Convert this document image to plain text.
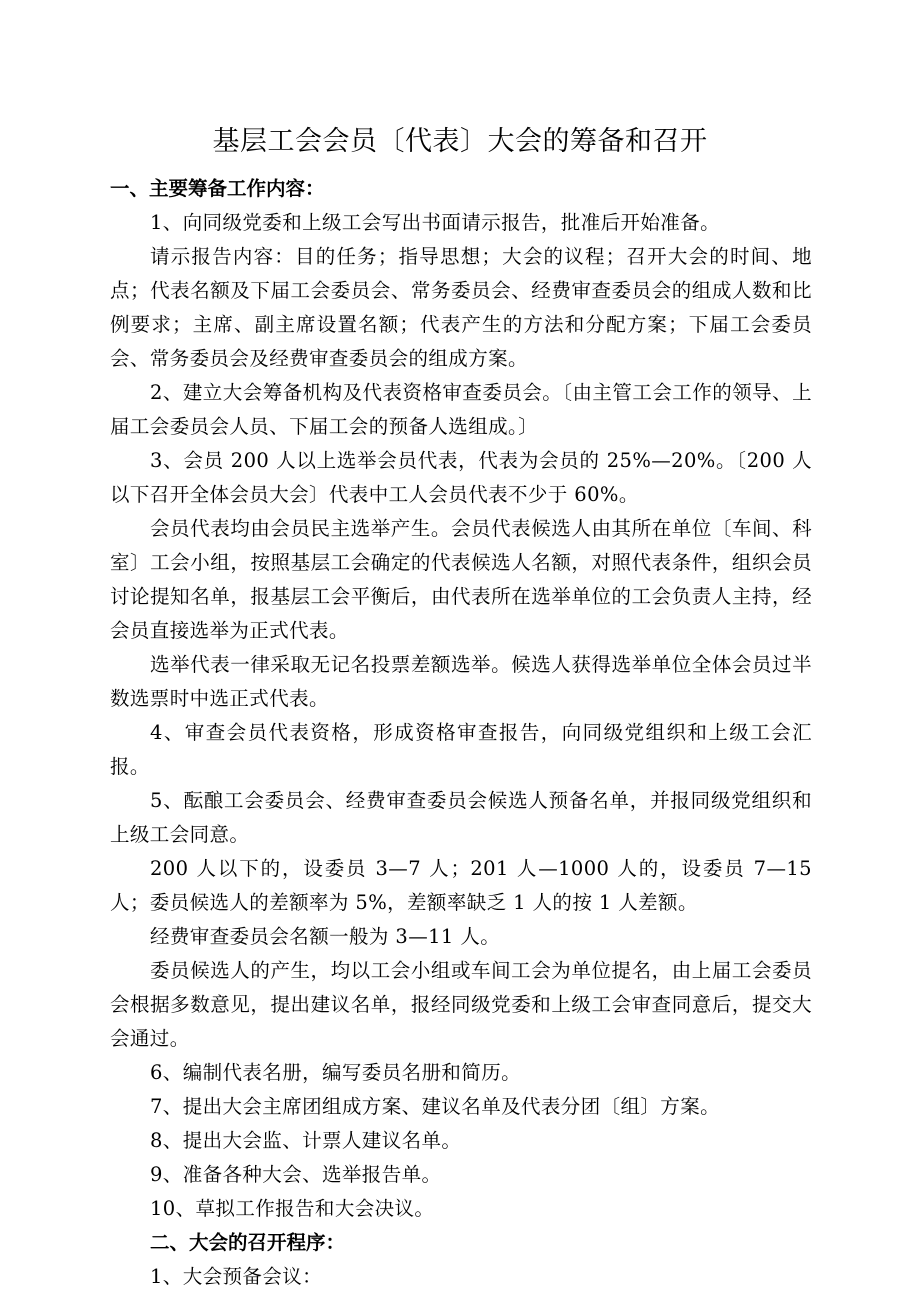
基层工会会员〔代表〕大会的筹备和召开

一、主要筹备工作内容：

1、向同级党委和上级工会写出书面请示报告，批准后开始准备。

请示报告内容：目的任务；指导思想；大会的议程；召开大会的时间、地点；代表名额及下届工会委员会、常务委员会、经费审查委员会的组成人数和比例要求；主席、副主席设置名额；代表产生的方法和分配方案；下届工会委员会、常务委员会及经费审查委员会的组成方案。

2、建立大会筹备机构及代表资格审查委员会。〔由主管工会工作的领导、上届工会委员会人员、下届工会的预备人选组成。〕

3、会员 200 人以上选举会员代表，代表为会员的 25%—20%。〔200 人以下召开全体会员大会〕代表中工人会员代表不少于 60%。

会员代表均由会员民主选举产生。会员代表候选人由其所在单位〔车间、科室〕工会小组，按照基层工会确定的代表候选人名额，对照代表条件，组织会员讨论提知名单，报基层工会平衡后，由代表所在选举单位的工会负责人主持，经会员直接选举为正式代表。

选举代表一律采取无记名投票差额选举。候选人获得选举单位全体会员过半数选票时中选正式代表。

4、审查会员代表资格，形成资格审查报告，向同级党组织和上级工会汇报。

5、酝酿工会委员会、经费审查委员会候选人预备名单，并报同级党组织和上级工会同意。

200 人以下的，设委员 3—7 人；201 人—1000 人的，设委员 7—15 人；委员候选人的差额率为 5%，差额率缺乏 1 人的按 1 人差额。

经费审查委员会名额一般为 3—11 人。

委员候选人的产生，均以工会小组或车间工会为单位提名，由上届工会委员会根据多数意见，提出建议名单，报经同级党委和上级工会审查同意后，提交大会通过。

6、编制代表名册，编写委员名册和简历。

7、提出大会主席团组成方案、建议名单及代表分团〔组〕方案。

8、提出大会监、计票人建议名单。

9、准备各种大会、选举报告单。

10、草拟工作报告和大会决议。

二、大会的召开程序：

1、大会预备会议：
